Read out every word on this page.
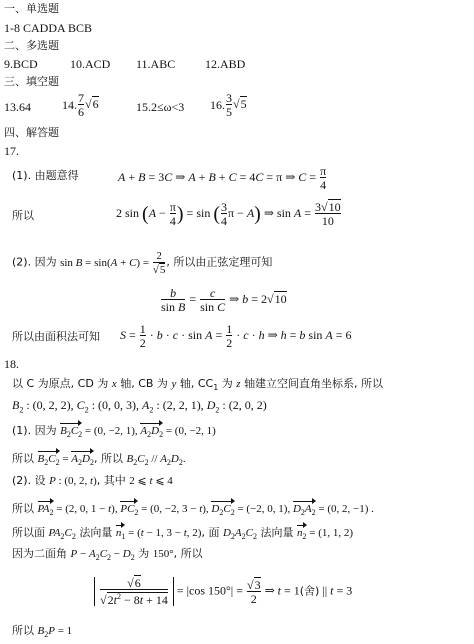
一、单选题
1-8 CADDA BCB
二、多选题
9.BCD	10.ACD 11.ABC 12.ABD
三、填空题
13.64	14. $\frac{7}{6} √6$	15.2≤ω<3 16. $\frac{3}{5} √5$
四、解答题
17.
(1). 由题意得	A + B = 3C ⇒ A + B + C = 4C = π ⇒ $C = \frac{\pi}{4}$
所以	2 $\sin (A - \frac{\pi}{4}$ ) = sin ( $\frac{3}{4}$ π − A) ⇒ $\sin A = \frac{3√10}{10}$
(2). 因为 $\sin B = \sin(A + C) = \frac{2}{√5}$ , 所以由正弦定理可知
$\frac{b}{\text{sin B}} = \frac{c}{\text{sin C}}$ ⇒ b = 2√10
所以由面积法可知 $S = \frac{1}{2} \cdot b \cdot c \cdot \sin A = \frac{1}{2} \cdot c \cdot h$ ⇒ h = b sin A = 6
18.
以 C 为原点, CD 为 x 轴, CB 为 y 轴, $CC_1$ 为 z 轴建立空间直角坐标系, 所以
$B_2$ : (0, 2, 2), $C_2$ : (0, 0, 3), $A_2$ : (2, 2, 1), $D_2$ : (2, 0, 2)
(1). 因为 $B_2C_2 = (0$, −2, 1), $A_2D_2 = (0$, −2, 1)
所以 $B_2C_2 = A_2D_2$, 所以 $B_2C_2 // A_2D_2$.
(2). 设 P : (0, 2, t), 其中 2 ⩽ t ⩽ 4
所以 $PA_2 = (2$, 0, 1 − t), $PC_2 = (0$, −2, 3 − t), $D_2C_2 = (-2$, 0, 1), $D_2A_2 = (0$, 2, −1) .
所以面 $PA_2C_2$ 法向量 $n_1 = (t - 1$, 3 − t, 2), 面 $D_2A_2C_2$ 法向量 $n_2 = (1$, 1, 2)
因为二面角 $P - A_2C_2 - D_2$ 为 150°, 所以
$\frac{√6}{√2t^2 - 8t + 14} = |\cos$ $150^\circ| = \frac{√3}{2}$ ⇒ t = 1(舍) || t = 3
所以 $B_2P = 1$
